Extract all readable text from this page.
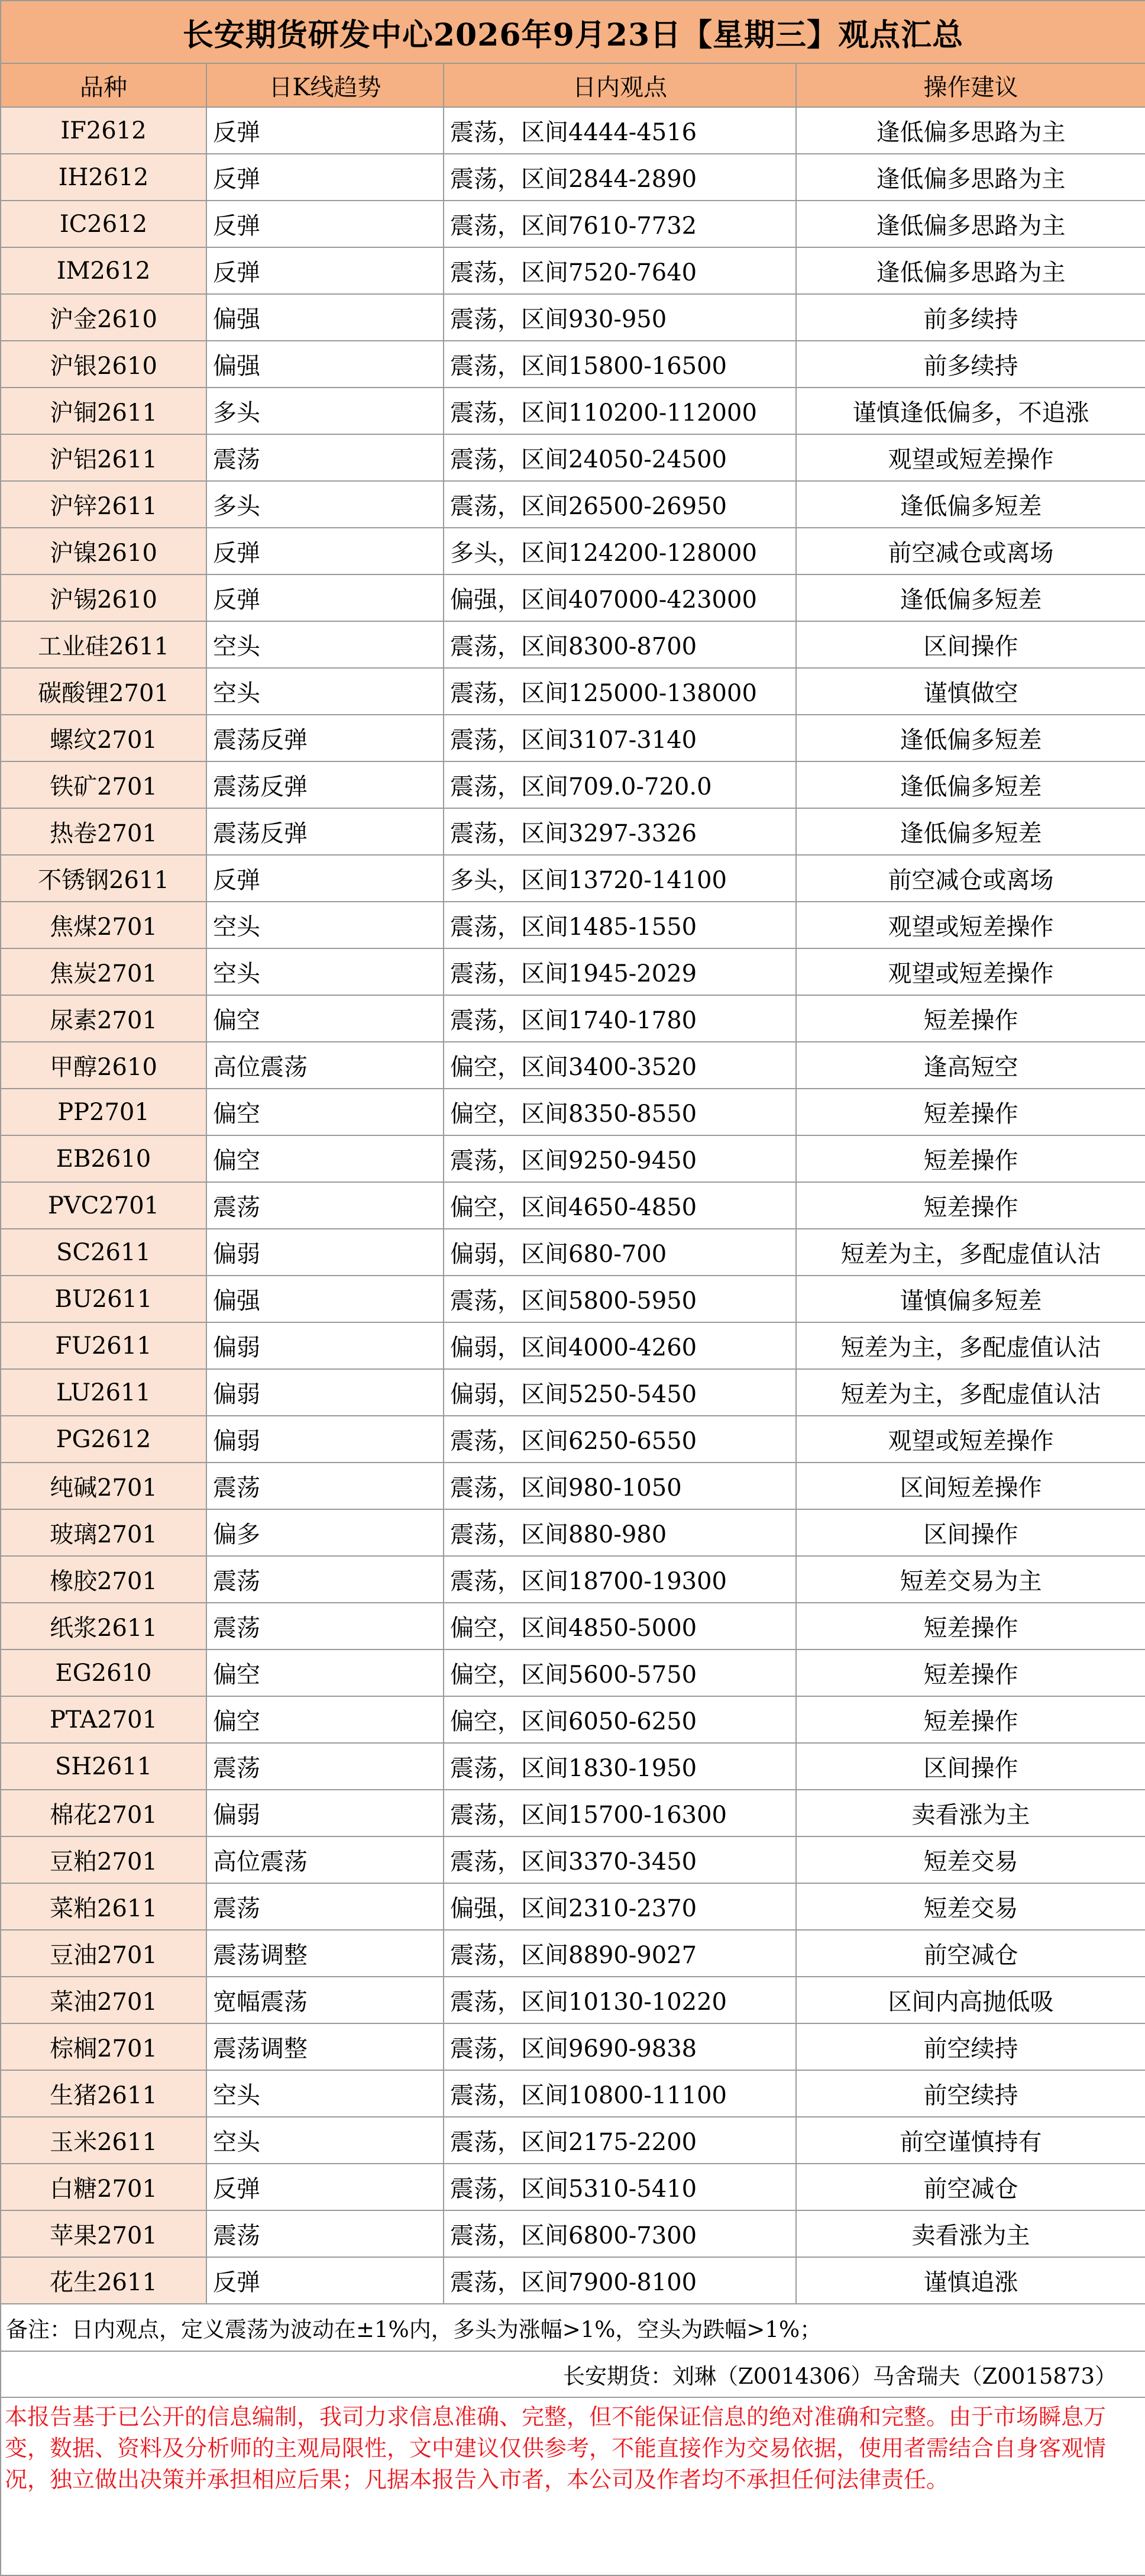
长安期货研发中心2026年9月23日【星期三】观点汇总			
品种	日K线趋势	日内观点	操作建议
IF2612	反弹	震荡，区间4444-4516	逢低偏多思路为主
IH2612	反弹	震荡，区间2844-2890	逢低偏多思路为主
IC2612	反弹	震荡，区间7610-7732	逢低偏多思路为主
IM2612	反弹	震荡，区间7520-7640	逢低偏多思路为主
沪金2610	偏强	震荡，区间930-950	前多续持
沪银2610	偏强	震荡，区间15800-16500	前多续持
沪铜2611	多头	震荡，区间110200-112000	谨慎逢低偏多，不追涨
沪铝2611	震荡	震荡，区间24050-24500	观望或短差操作
沪锌2611	多头	震荡，区间26500-26950	逢低偏多短差
沪镍2610	反弹	多头，区间124200-128000	前空减仓或离场
沪锡2610	反弹	偏强，区间407000-423000	逢低偏多短差
工业硅2611	空头	震荡，区间8300-8700	区间操作
碳酸锂2701	空头	震荡，区间125000-138000	谨慎做空
螺纹2701	震荡反弹	震荡，区间3107-3140	逢低偏多短差
铁矿2701	震荡反弹	震荡，区间709.0-720.0	逢低偏多短差
热卷2701	震荡反弹	震荡，区间3297-3326	逢低偏多短差
不锈钢2611	反弹	多头，区间13720-14100	前空减仓或离场
焦煤2701	空头	震荡，区间1485-1550	观望或短差操作
焦炭2701	空头	震荡，区间1945-2029	观望或短差操作
尿素2701	偏空	震荡，区间1740-1780	短差操作
甲醇2610	高位震荡	偏空，区间3400-3520	逢高短空
PP2701	偏空	偏空，区间8350-8550	短差操作
EB2610	偏空	震荡，区间9250-9450	短差操作
PVC2701	震荡	偏空，区间4650-4850	短差操作
SC2611	偏弱	偏弱，区间680-700	短差为主，多配虚值认沽
BU2611	偏强	震荡，区间5800-5950	谨慎偏多短差
FU2611	偏弱	偏弱，区间4000-4260	短差为主，多配虚值认沽
LU2611	偏弱	偏弱，区间5250-5450	短差为主，多配虚值认沽
PG2612	偏弱	震荡，区间6250-6550	观望或短差操作
纯碱2701	震荡	震荡，区间980-1050	区间短差操作
玻璃2701	偏多	震荡，区间880-980	区间操作
橡胶2701	震荡	震荡，区间18700-19300	短差交易为主
纸浆2611	震荡	偏空，区间4850-5000	短差操作
EG2610	偏空	偏空，区间5600-5750	短差操作
PTA2701	偏空	偏空，区间6050-6250	短差操作
SH2611	震荡	震荡，区间1830-1950	区间操作
棉花2701	偏弱	震荡，区间15700-16300	卖看涨为主
豆粕2701	高位震荡	震荡，区间3370-3450	短差交易
菜粕2611	震荡	偏强，区间2310-2370	短差交易
豆油2701	震荡调整	震荡，区间8890-9027	前空减仓
菜油2701	宽幅震荡	震荡，区间10130-10220	区间内高抛低吸
棕榈2701	震荡调整	震荡，区间9690-9838	前空续持
生猪2611	空头	震荡，区间10800-11100	前空续持
玉米2611	空头	震荡，区间2175-2200	前空谨慎持有
白糖2701	反弹	震荡，区间5310-5410	前空减仓
苹果2701	震荡	震荡，区间6800-7300	卖看涨为主
花生2611	反弹	震荡，区间7900-8100	谨慎追涨
备注：日内观点，定义震荡为波动在±1%内，多头为涨幅>1%，空头为跌幅>1%；			
长安期货：刘琳（Z0014306）马舍瑞夫（Z0015873）			
本报告基于已公开的信息编制，我司力求信息准确、完整，但不能保证信息的绝对准确和完整。由于市场瞬息万变，数据、资料及分析师的主观局限性，文中建议仅供参考，不能直接作为交易依据，使用者需结合自身客观情况，独立做出决策并承担相应后果；凡据本报告入市者，本公司及作者均不承担任何法律责任。			
